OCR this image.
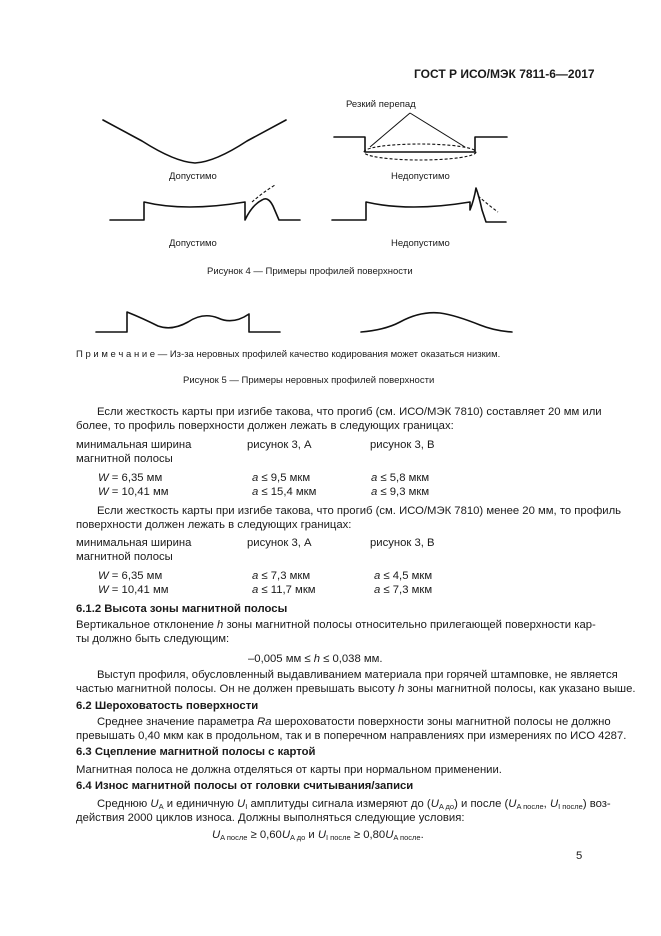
ГОСТ Р ИСО/МЭК 7811-6—2017
Резкий перепад
Допустимо	Недопустимо
Допустимо	Недопустимо
Рисунок 4 — Примеры профилей поверхности
П р и м е ч а н и е — Из-за неровных профилей качество кодирования может оказаться низким.
Рисунок 5 — Примеры неровных профилей поверхности
Если жесткость карты при изгибе такова, что прогиб (см. ИСО/МЭК 7810) составляет 20 мм или
более, то профиль поверхности должен лежать в следующих границах:
минимальная ширина
магнитной полосы
рисунок 3, А	рисунок 3, В
W = 6,35 мм	a ≤ 9,5 мкм	a ≤ 5,8 мкм
W = 10,41 мм	a ≤ 15,4 мкм	a ≤ 9,3 мкм
Если жесткость карты при изгибе такова, что прогиб (см. ИСО/МЭК 7810) менее 20 мм, то профиль
поверхности должен лежать в следующих границах:
минимальная ширина
магнитной полосы
рисунок 3, А	рисунок 3, В
W = 6,35 мм	a ≤ 7,3 мкм	a ≤ 4,5 мкм
W = 10,41 мм	a ≤ 11,7 мкм	a ≤ 7,3 мкм
6.1.2 Высота зоны магнитной полосы
Вертикальное отклонение h зоны магнитной полосы относительно прилегающей поверхности кар-
ты должно быть следующим:
–0,005 мм ≤ h ≤ 0,038 мм.
Выступ профиля, обусловленный выдавливанием материала при горячей штамповке, не является
частью магнитной полосы. Он не должен превышать высоту h зоны магнитной полосы, как указано выше.
6.2 Шероховатость поверхности
Среднее значение параметра Ra шероховатости поверхности зоны магнитной полосы не должно
превышать 0,40 мкм как в продольном, так и в поперечном направлениях при измерениях по ИСО 4287.
6.3 Сцепление магнитной полосы с картой
Магнитная полоса не должна отделяться от карты при нормальном применении.
6.4 Износ магнитной полосы от головки считывания/записи
Среднюю $U_A$ и единичную $U_I$ амплитуды сигнала измеряют до $(U_{A до})$ и после ($U_{A после}$, $U_{I после}$) воз-
действия 2000 циклов износа. Должны выполняться следующие условия:
$U_{A после} \ge 0,60U_{A до}$ и $U_{I после} \ge 0,80U_{A после}$.
5
